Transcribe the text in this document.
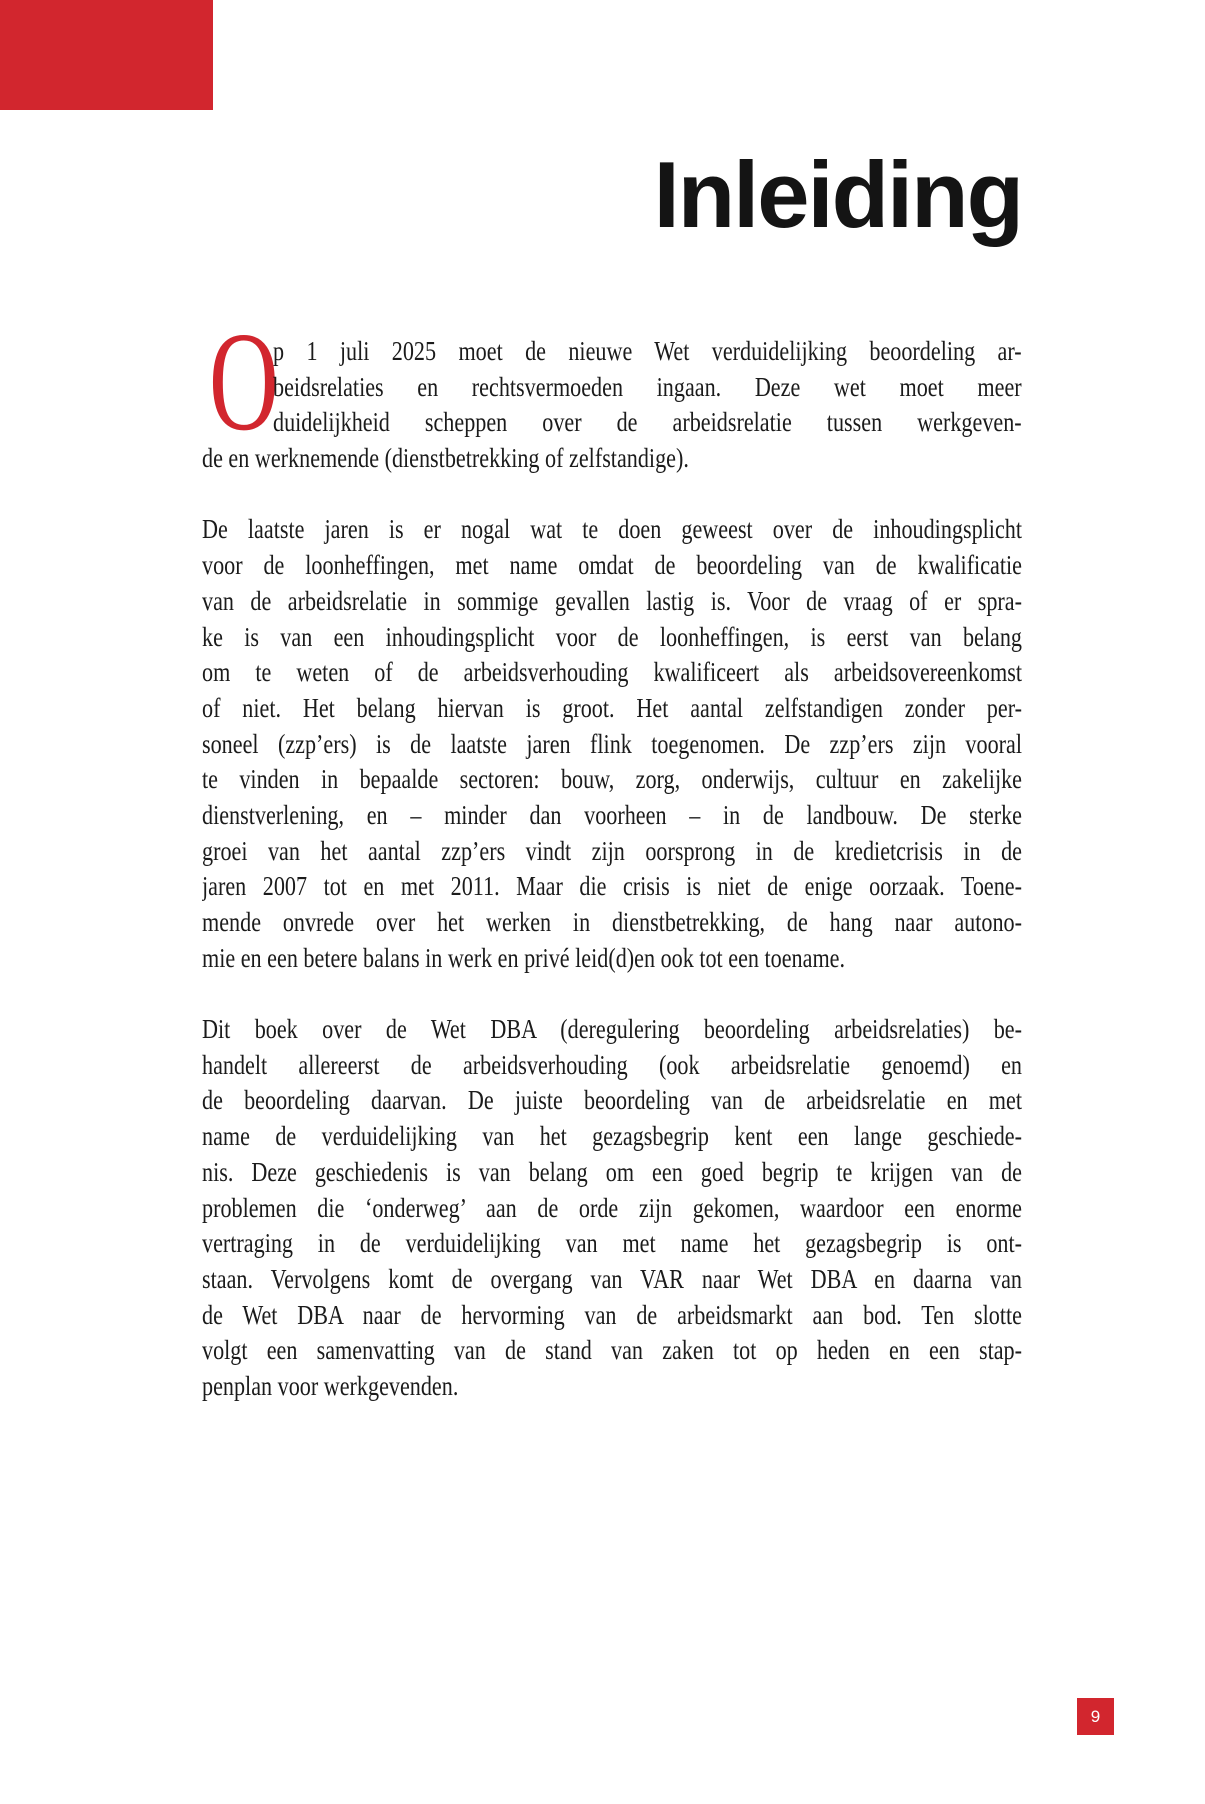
Inleiding
O
p 1 juli 2025 moet de nieuwe Wet verduidelijking beoordeling ar-
beidsrelaties en rechtsvermoeden ingaan. Deze wet moet meer
duidelijkheid scheppen over de arbeidsrelatie tussen werkgeven-
de en werknemende (dienstbetrekking of zelfstandige).
De laatste jaren is er nogal wat te doen geweest over de inhoudingsplicht
voor de loonheffingen, met name omdat de beoordeling van de kwalificatie
van de arbeidsrelatie in sommige gevallen lastig is. Voor de vraag of er spra-
ke is van een inhoudingsplicht voor de loonheffingen, is eerst van belang
om te weten of de arbeidsverhouding kwalificeert als arbeidsovereenkomst
of niet. Het belang hiervan is groot. Het aantal zelfstandigen zonder per-
soneel (zzp’ers) is de laatste jaren flink toegenomen. De zzp’ers zijn vooral
te vinden in bepaalde sectoren: bouw, zorg, onderwijs, cultuur en zakelijke
dienstverlening, en – minder dan voorheen – in de landbouw. De sterke
groei van het aantal zzp’ers vindt zijn oorsprong in de kredietcrisis in de
jaren 2007 tot en met 2011. Maar die crisis is niet de enige oorzaak. Toene-
mende onvrede over het werken in dienstbetrekking, de hang naar autono-
mie en een betere balans in werk en privé leid(d)en ook tot een toename.
Dit boek over de Wet DBA (deregulering beoordeling arbeidsrelaties) be-
handelt allereerst de arbeidsverhouding (ook arbeidsrelatie genoemd) en
de beoordeling daarvan. De juiste beoordeling van de arbeidsrelatie en met
name de verduidelijking van het gezagsbegrip kent een lange geschiede-
nis. Deze geschiedenis is van belang om een goed begrip te krijgen van de
problemen die ‘onderweg’ aan de orde zijn gekomen, waardoor een enorme
vertraging in de verduidelijking van met name het gezagsbegrip is ont-
staan. Vervolgens komt de overgang van VAR naar Wet DBA en daarna van
de Wet DBA naar de hervorming van de arbeidsmarkt aan bod. Ten slotte
volgt een samenvatting van de stand van zaken tot op heden en een stap-
penplan voor werkgevenden.
9
